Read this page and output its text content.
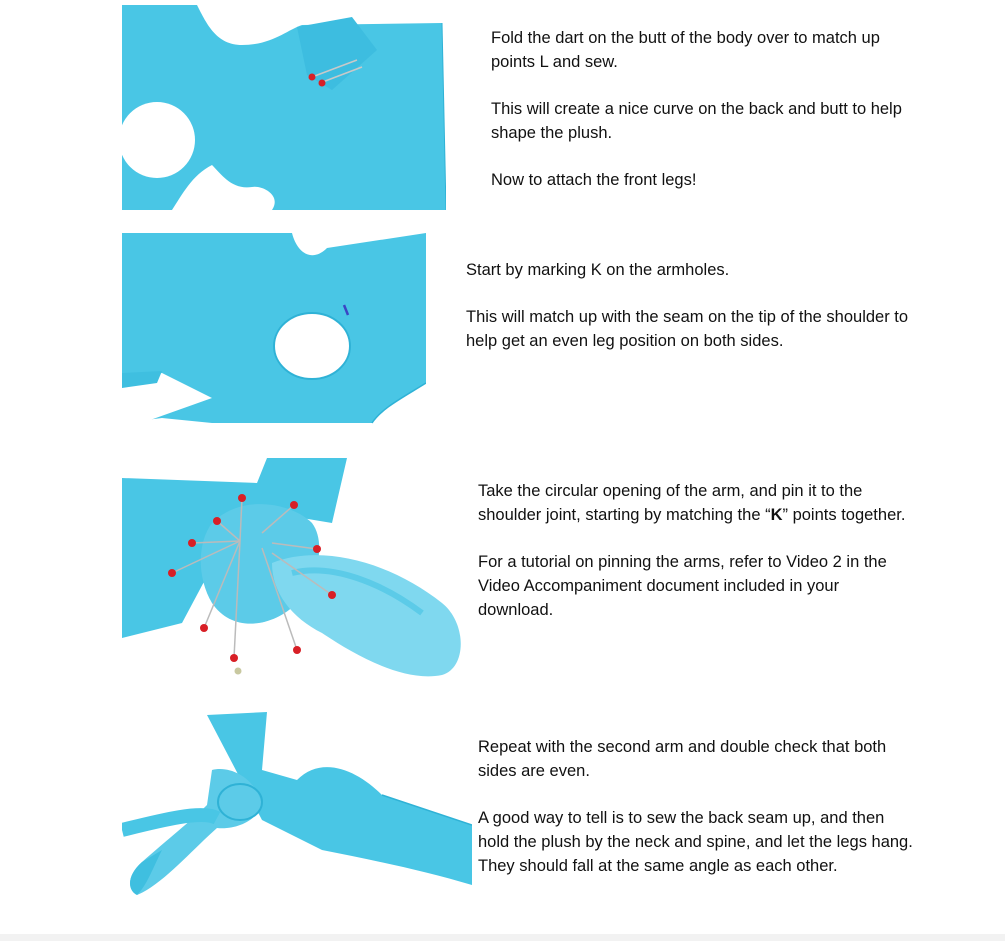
Fold the dart on the butt of the body over to match up points L and sew.

This will create a nice curve on the back and butt to help shape the plush.

Now to attach the front legs!

Start by marking K on the armholes.

This will match up with the seam on the tip of the shoulder to help get an even leg position on both sides.

Take the circular opening of the arm, and pin it to the shoulder joint, starting by matching the “K” points together.

For a tutorial on pinning the arms, refer to Video 2 in the Video Accompaniment document included in your download.

Repeat with the second arm and double check that both sides are even.

A good way to tell is to sew the back seam up, and then hold the plush by the neck and spine, and let the legs hang. They should fall at the same angle as each other.
